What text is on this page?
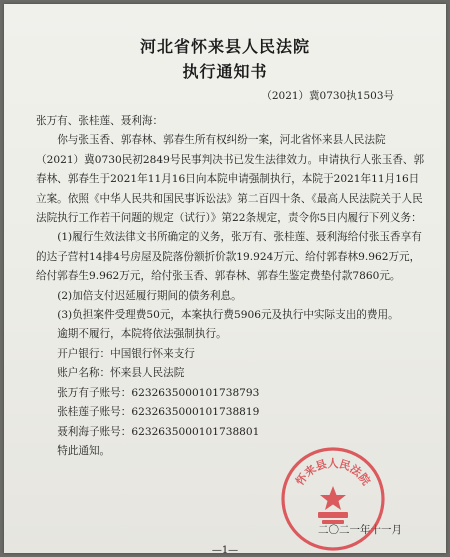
河北省怀来县人民法院
执行通知书
（2021）冀0730执1503号

张万有、张桂莲、聂利海：

你与张玉香、郭春林、郭春生所有权纠纷一案，河北省怀来县人民法院（2021）冀0730民初2849号民事判决书已发生法律效力。申请执行人张玉香、郭春林、郭春生于2021年11月16日向本院申请强制执行，本院于2021年11月16日立案。依照《中华人民共和国民事诉讼法》第二百四十条、《最高人民法院关于人民法院执行工作若干问题的规定（试行）》第22条规定，责令你5日内履行下列义务：

(1)履行生效法律文书所确定的义务，张万有、张桂莲、聂利海给付张玉香享有的达子营村14排4号房屋及院落份额折价款19.924万元、给付郭春林9.962万元，给付郭春生9.962万元，给付张玉香、郭春林、郭春生鉴定费垫付款7860元。

(2)加倍支付迟延履行期间的债务利息。

(3)负担案件受理费50元，本案执行费5906元及执行中实际支出的费用。

逾期不履行，本院将依法强制执行。

开户银行： 中国银行怀来支行
账户名称： 怀来县人民法院
张万有子账号： 6232635000101738793
张桂莲子账号： 6232635000101738819
聂利海子账号： 6232635000101738801

特此通知。

二〇二一年十一月
怀来县人民法院
—1—
